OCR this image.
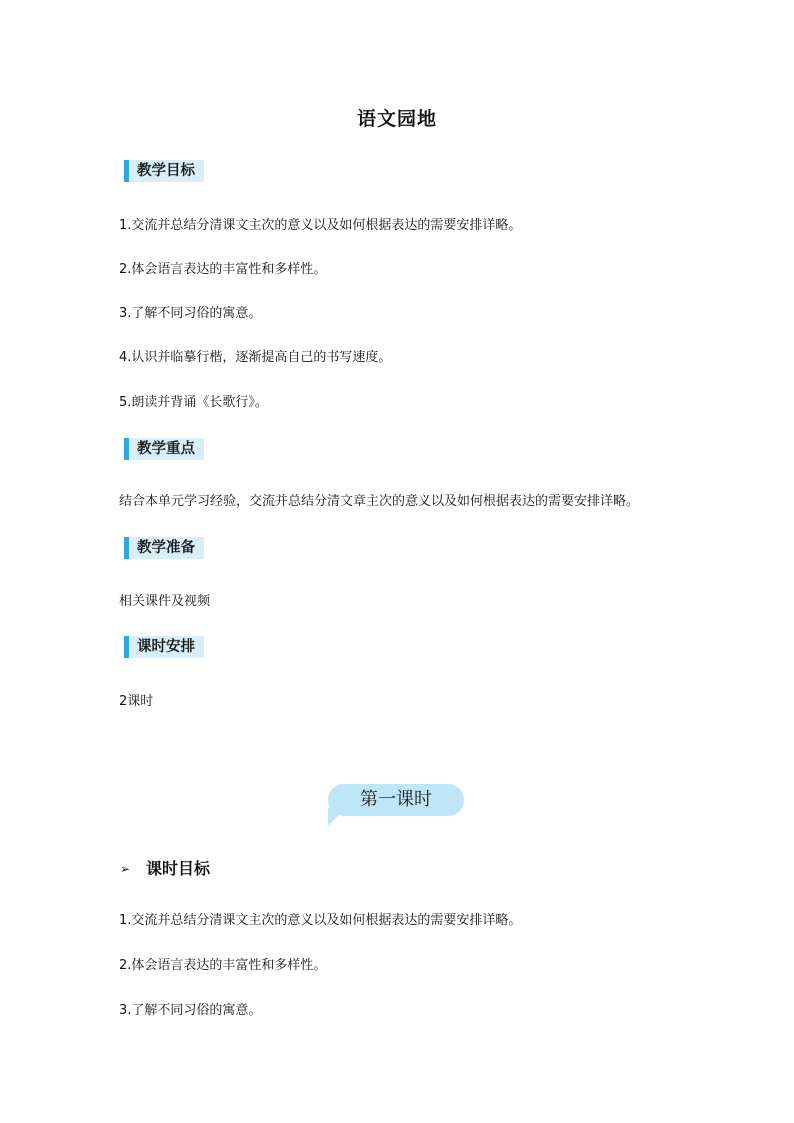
语文园地
教学目标
1.交流并总结分清课文主次的意义以及如何根据表达的需要安排详略。
2.体会语言表达的丰富性和多样性。
3.了解不同习俗的寓意。
4.认识并临摹行楷，逐渐提高自己的书写速度。
5.朗读并背诵《长歌行》。
教学重点
结合本单元学习经验，交流并总结分清文章主次的意义以及如何根据表达的需要安排详略。
教学准备
相关课件及视频
课时安排
2课时
第一课时
➢ 课时目标
1.交流并总结分清课文主次的意义以及如何根据表达的需要安排详略。
2.体会语言表达的丰富性和多样性。
3.了解不同习俗的寓意。
